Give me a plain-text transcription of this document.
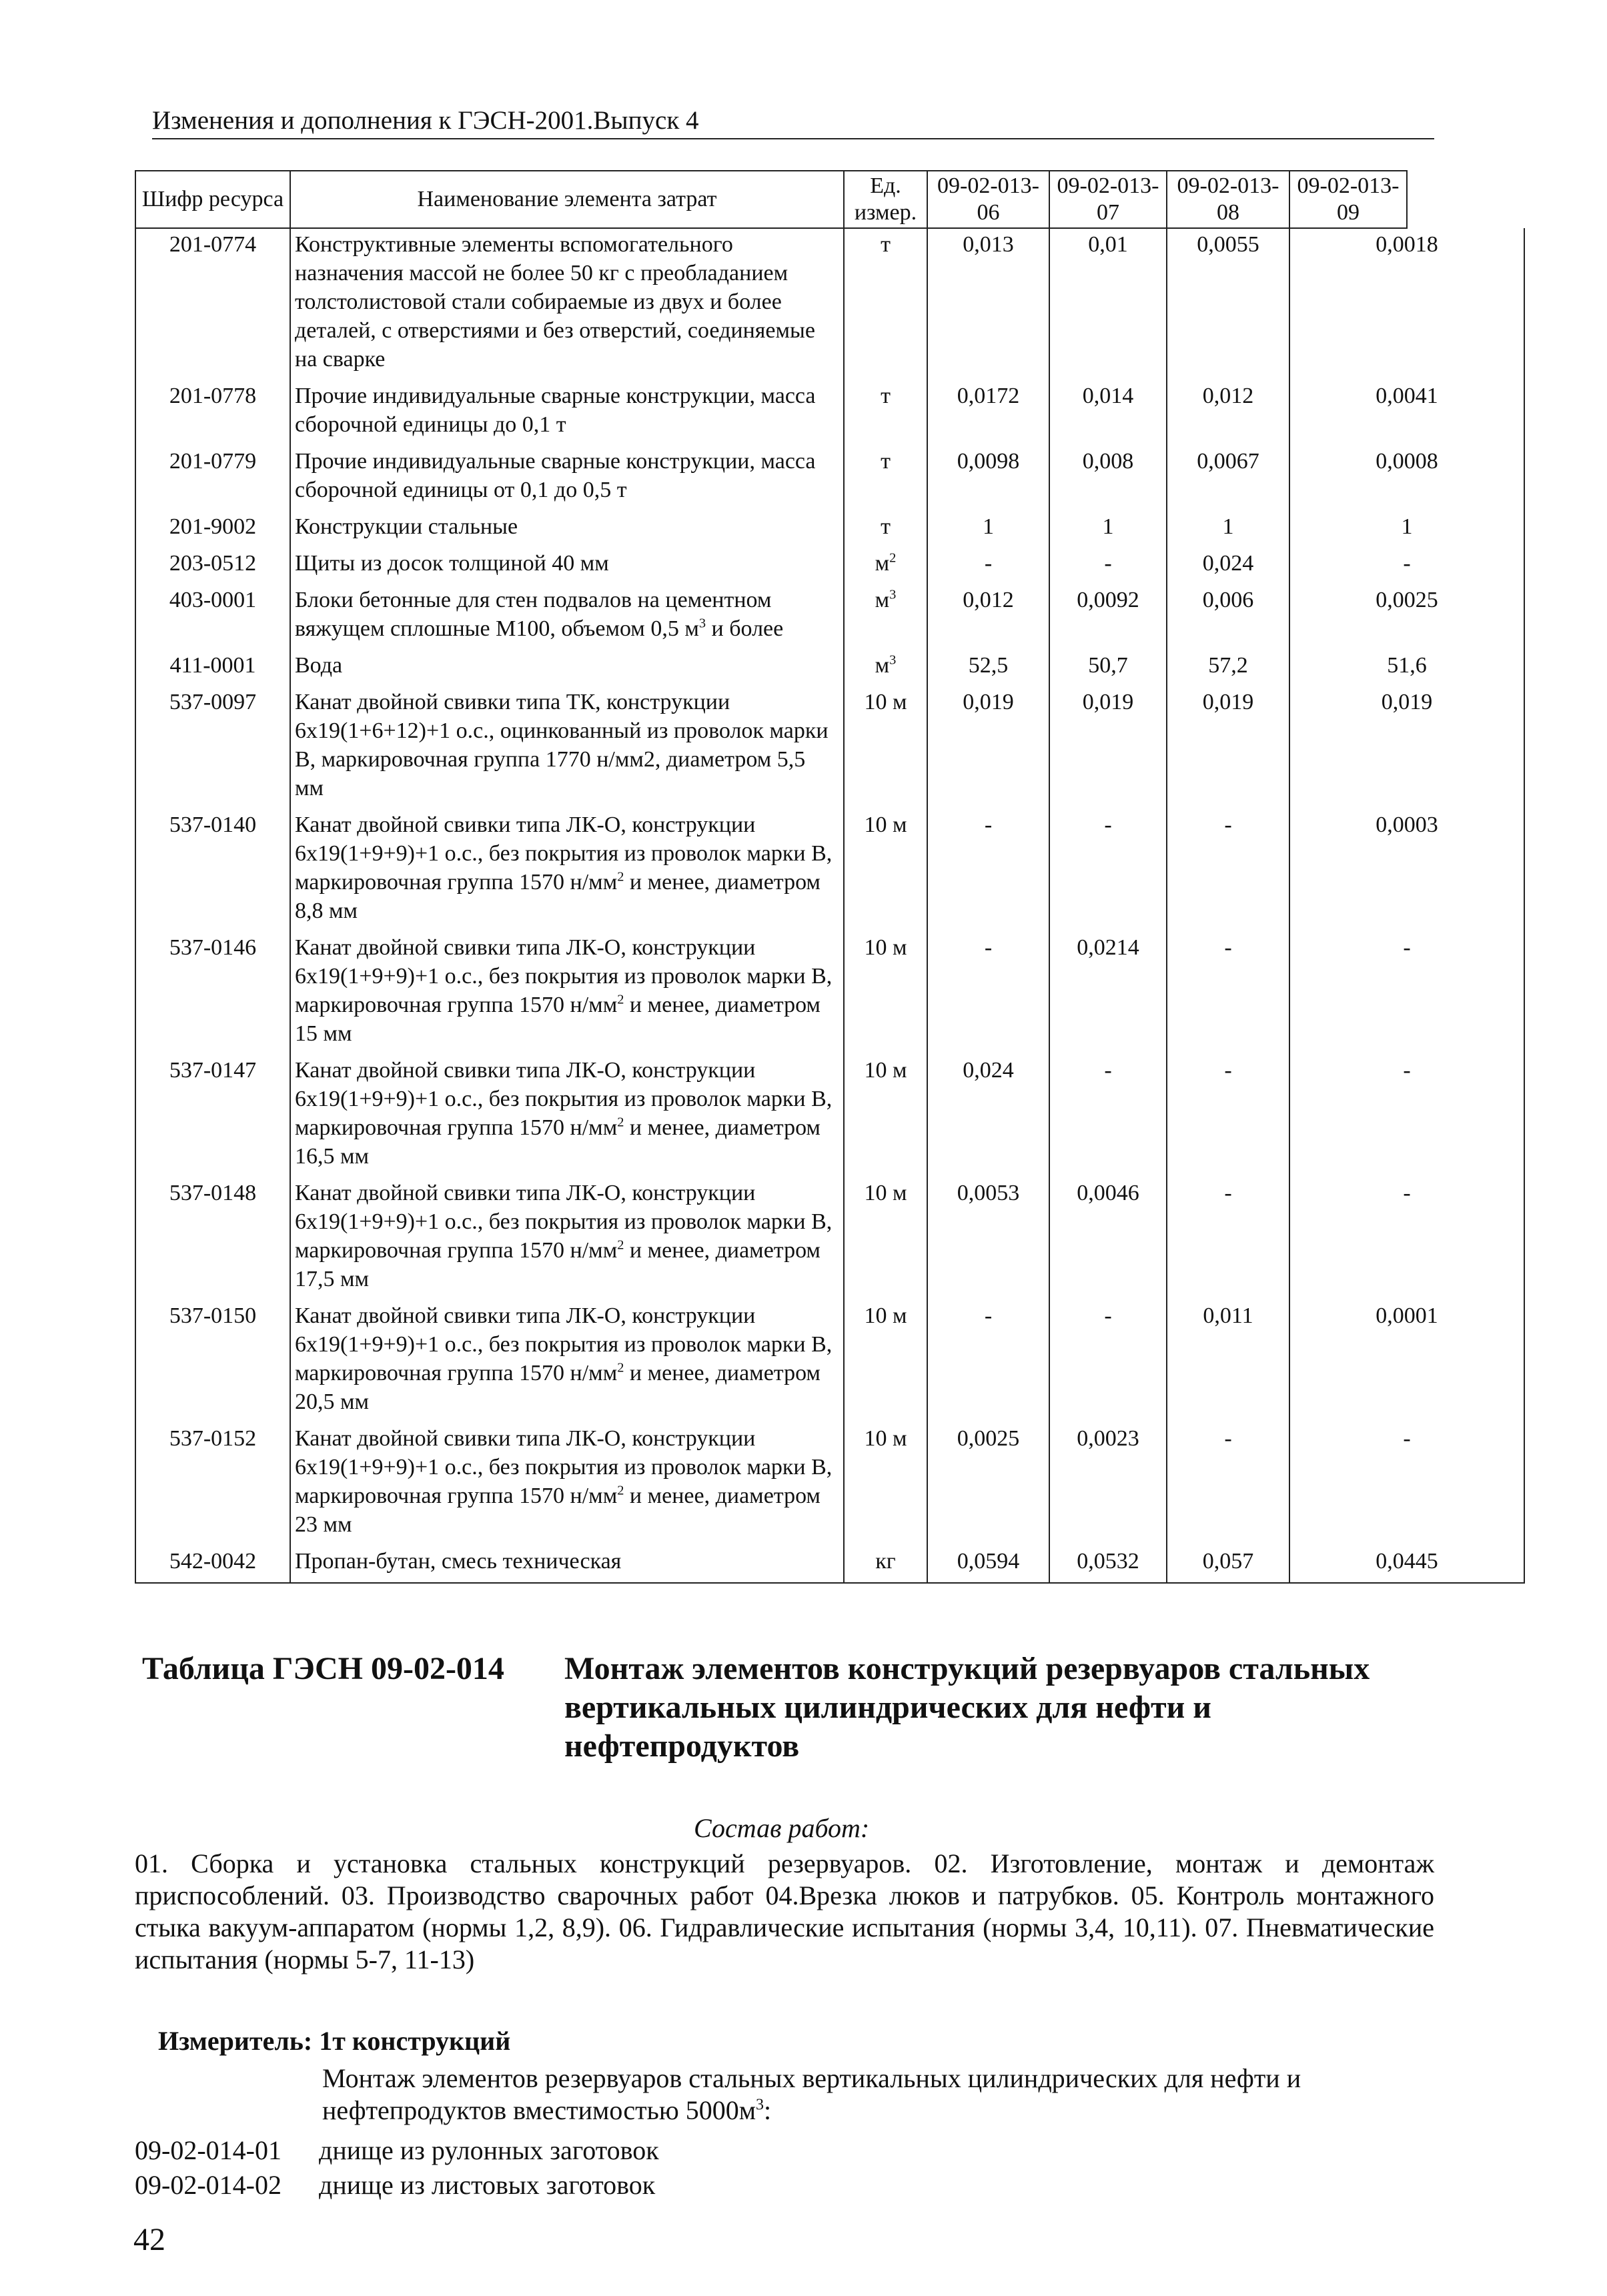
Изменения и дополнения к ГЭСН-2001.Выпуск 4
Шифр ресурса	Наименование элемента затрат	Ед. измер.	09-02-013-06	09-02-013-07	09-02-013-08	09-02-013-09
201-0774	Конструктивные элементы вспомогательного назначения массой не более 50 кг с преобладанием толстолистовой стали собираемые из двух и более деталей, с отверстиями и без отверстий, соединяемые на сварке	т	0,013	0,01	0,0055	0,0018
201-0778	Прочие индивидуальные сварные конструкции, масса сборочной единицы до 0,1 т	т	0,0172	0,014	0,012	0,0041
201-0779	Прочие индивидуальные сварные конструкции, масса сборочной единицы от 0,1 до 0,5 т	т	0,0098	0,008	0,0067	0,0008
201-9002	Конструкции стальные	т	1	1	1	1
203-0512	Щиты из досок толщиной 40 мм	$м^2$	-	-	0,024	-
403-0001	Блоки бетонные для стен подвалов на цементном вяжущем сплошные М100, объемом 0,5 $м^3$ и более	$м^3$	0,012	0,0092	0,006	0,0025
411-0001	Вода	$м^3$	52,5	50,7	57,2	51,6
537-0097	Канат двойной свивки типа ТК, конструкции 6х19(1+6+12)+1 о.с., оцинкованный из проволок марки В, маркировочная группа 1770 н/мм2, диаметром 5,5 мм	10 м	0,019	0,019	0,019	0,019
537-0140	Канат двойной свивки типа ЛК-О, конструкции 6х19(1+9+9)+1 о.с., без покрытия из проволок марки В, маркировочная группа 1570 $н/мм^2$ и менее, диаметром 8,8 мм	10 м	-	-	-	0,0003
537-0146	Канат двойной свивки типа ЛК-О, конструкции 6х19(1+9+9)+1 о.с., без покрытия из проволок марки В, маркировочная группа 1570 $н/мм^2$ и менее, диаметром 15 мм	10 м	-	0,0214	-	-
537-0147	Канат двойной свивки типа ЛК-О, конструкции 6х19(1+9+9)+1 о.с., без покрытия из проволок марки В, маркировочная группа 1570 $н/мм^2$ и менее, диаметром 16,5 мм	10 м	0,024	-	-	-
537-0148	Канат двойной свивки типа ЛК-О, конструкции 6х19(1+9+9)+1 о.с., без покрытия из проволок марки В, маркировочная группа 1570 $н/мм^2$ и менее, диаметром 17,5 мм	10 м	0,0053	0,0046	-	-
537-0150	Канат двойной свивки типа ЛК-О, конструкции 6х19(1+9+9)+1 о.с., без покрытия из проволок марки В, маркировочная группа 1570 $н/мм^2$ и менее, диаметром 20,5 мм	10 м	-	-	0,011	0,0001
537-0152	Канат двойной свивки типа ЛК-О, конструкции 6х19(1+9+9)+1 о.с., без покрытия из проволок марки В, маркировочная группа 1570 $н/мм^2$ и менее, диаметром 23 мм	10 м	0,0025	0,0023	-	-
542-0042	Пропан-бутан, смесь техническая	кг	0,0594	0,0532	0,057	0,0445
Таблица ГЭСН 09-02-014 Монтаж элементов конструкций резервуаров стальных вертикальных цилиндрических для нефти и нефтепродуктов
Состав работ:
01. Сборка и установка стальных конструкций резервуаров. 02. Изготовление, монтаж и демонтаж приспособлений. 03. Производство сварочных работ 04.Врезка люков и патрубков. 05. Контроль монтажного стыка вакуум-аппаратом (нормы 1,2, 8,9). 06. Гидравлические испытания (нормы 3,4, 10,11). 07. Пневматические испытания (нормы 5-7, 11-13)
Измеритель: 1т конструкций
Монтаж элементов резервуаров стальных вертикальных цилиндрических для нефти и нефтепродуктов вместимостью $5000м^3$:
09-02-014-01 днище из рулонных заготовок
09-02-014-02 днище из листовых заготовок
42
